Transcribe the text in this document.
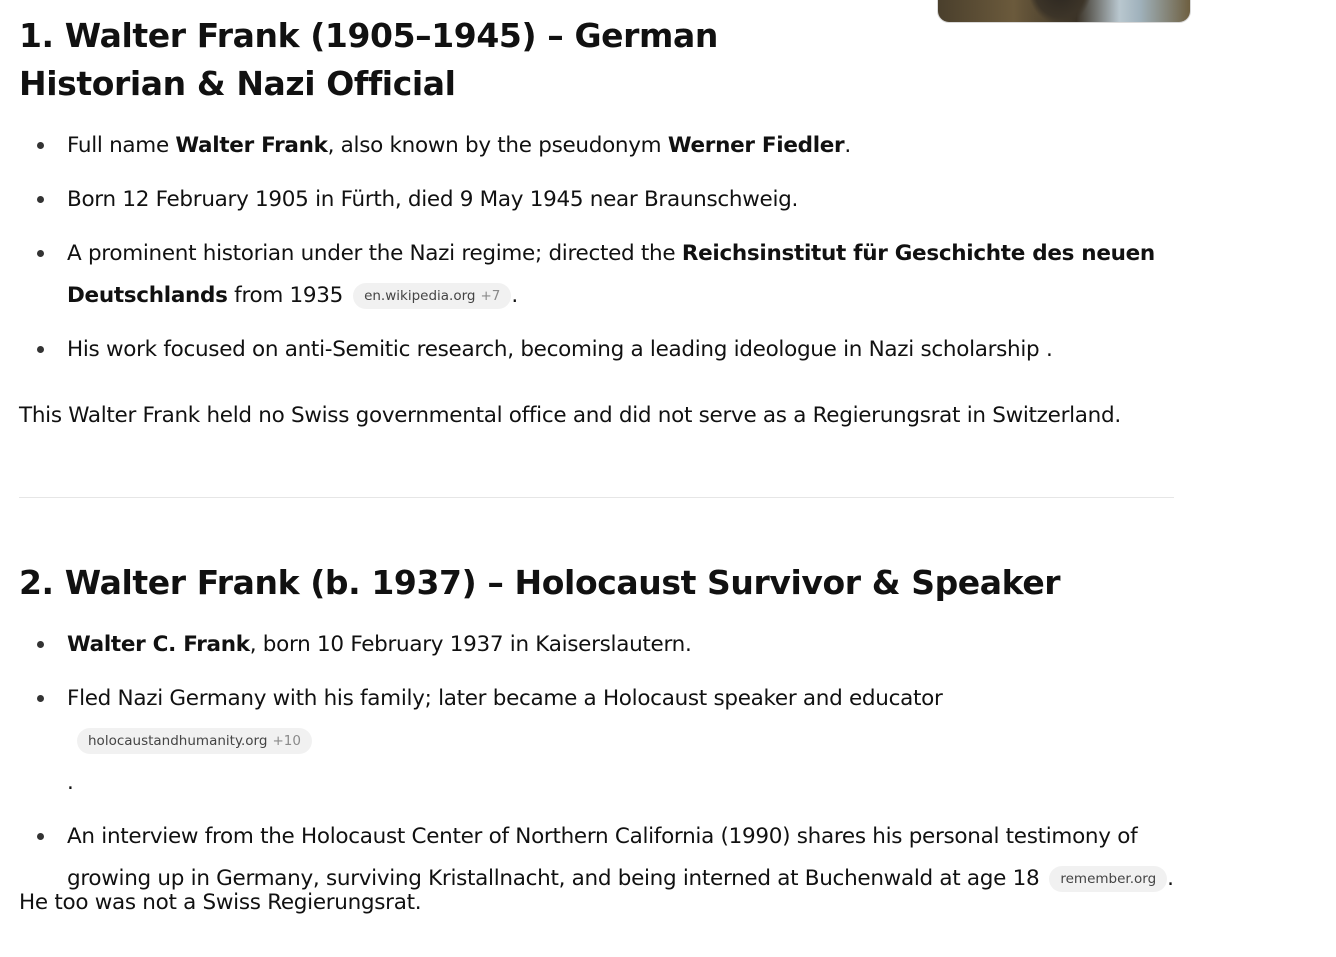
1. Walter Frank (1905–1945) – German Historian & Nazi Official
Full name Walter Frank, also known by the pseudonym Werner Fiedler.
Born 12 February 1905 in Fürth, died 9 May 1945 near Braunschweig.
A prominent historian under the Nazi regime; directed the Reichsinstitut für Geschichte des neuen Deutschlands from 1935 en.wikipedia.org +7 .
His work focused on anti-Semitic research, becoming a leading ideologue in Nazi scholarship .

This Walter Frank held no Swiss governmental office and did not serve as a Regierungsrat in Switzerland.

2. Walter Frank (b. 1937) – Holocaust Survivor & Speaker
Walter C. Frank, born 10 February 1937 in Kaiserslautern.
Fled Nazi Germany with his family; later became a Holocaust speaker and educatorholocaustandhumanity.org +10
.
An interview from the Holocaust Center of Northern California (1990) shares his personal testimony of growing up in Germany, surviving Kristallnacht, and being interned at Buchenwald at age 18 remember.org .

He too was not a Swiss Regierungsrat.
